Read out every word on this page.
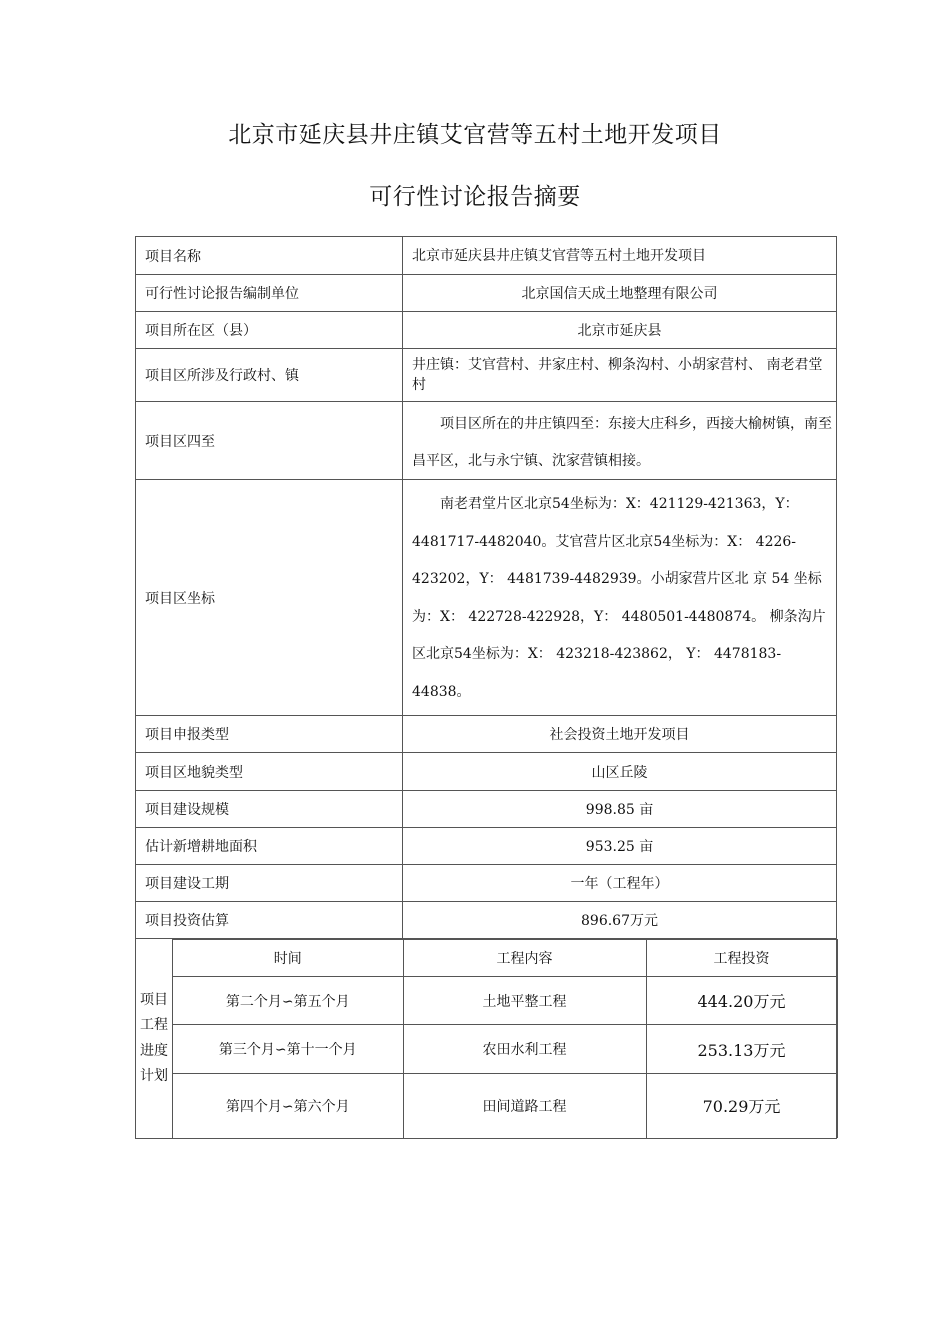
北京市延庆县井庄镇艾官营等五村土地开发项目
可行性讨论报告摘要
项目名称	北京市延庆县井庄镇艾官营等五村土地开发项目
可行性讨论报告编制单位	北京国信天成土地整理有限公司
项目所在区（县）	北京市延庆县
项目区所涉及行政村、镇	井庄镇：艾官营村、井家庄村、柳条沟村、小胡家营村、 南老君堂村
项目区四至	项目区所在的井庄镇四至：东接大庄科乡，西接大榆树镇，南至昌平区，北与永宁镇、沈家营镇相接。
项目区坐标	南老君堂片区北京54坐标为：X：421129-421363，Y：4481717-4482040。艾官营片区北京54坐标为：X： 4226-423202，Y： 4481739-4482939。小胡家营片区北 京 54 坐标为：X： 422728-422928，Y： 4480501-4480874。 柳条沟片区北京54坐标为：X： 423218-423862， Y： 4478183-44838。
项目申报类型	社会投资土地开发项目
项目区地貌类型	山区丘陵
项目建设规模	998.85 亩
估计新增耕地面积	953.25 亩
项目建设工期	一年（工程年）
项目投资估算	896.67万元
项目工程进度计划	
时间	工程内容	工程投资
第二个月∽第五个月	土地平整工程	444.20万元
第三个月∽第十一个月	农田水利工程	253.13万元
第四个月∽第六个月	田间道路工程	70.29万元
